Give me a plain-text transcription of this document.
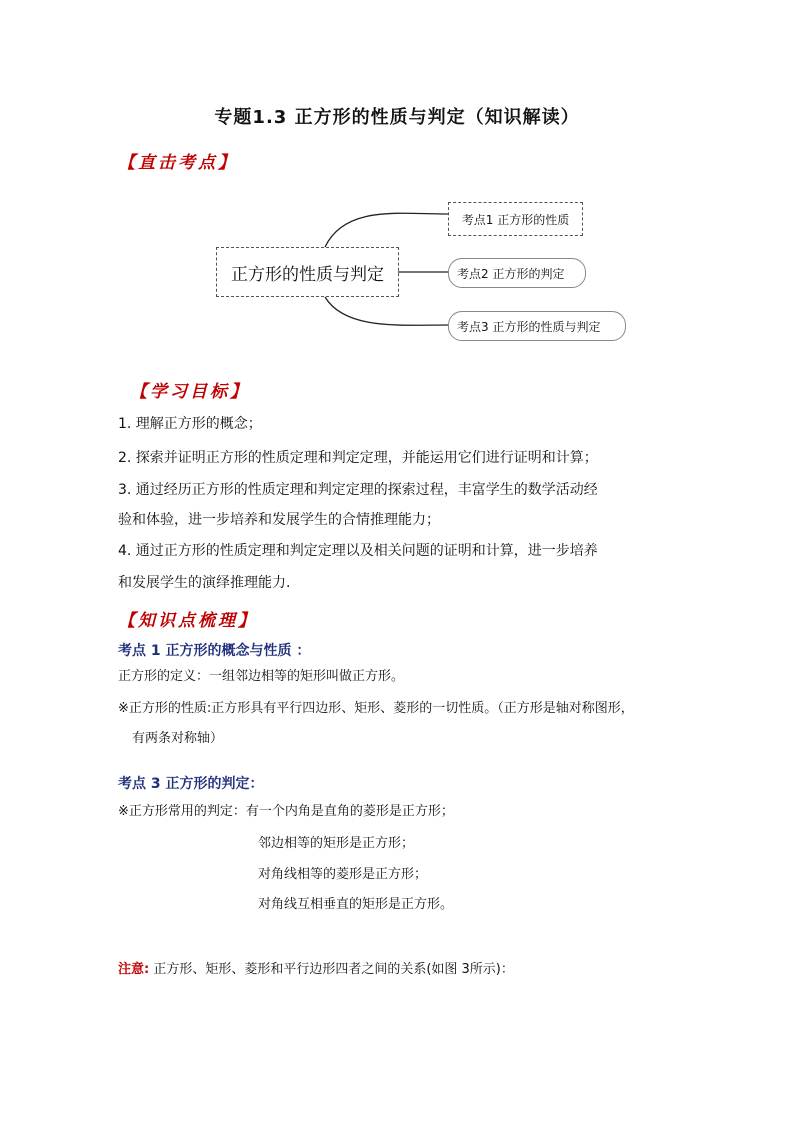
专题1.3 正方形的性质与判定（知识解读）
【直击考点】
正方形的性质与判定
考点1 正方形的性质
考点2 正方形的判定
考点3 正方形的性质与判定
【学习目标】
1. 理解正方形的概念；
2. 探索并证明正方形的性质定理和判定定理，并能运用它们进行证明和计算；
3. 通过经历正方形的性质定理和判定定理的探索过程，丰富学生的数学活动经
验和体验，进一步培养和发展学生的合情推理能力；
4. 通过正方形的性质定理和判定定理以及相关问题的证明和计算，进一步培养
和发展学生的演绎推理能力.
【知识点梳理】
考点 1 正方形的概念与性质 ：
正方形的定义：一组邻边相等的矩形叫做正方形。
※正方形的性质:正方形具有平行四边形、矩形、菱形的一切性质。（正方形是轴对称图形，
有两条对称轴）
考点 3 正方形的判定：
※正方形常用的判定：有一个内角是直角的菱形是正方形；
邻边相等的矩形是正方形；
对角线相等的菱形是正方形；
对角线互相垂直的矩形是正方形。
注意: 正方形、矩形、菱形和平行边形四者之间的关系(如图 3所示)：
